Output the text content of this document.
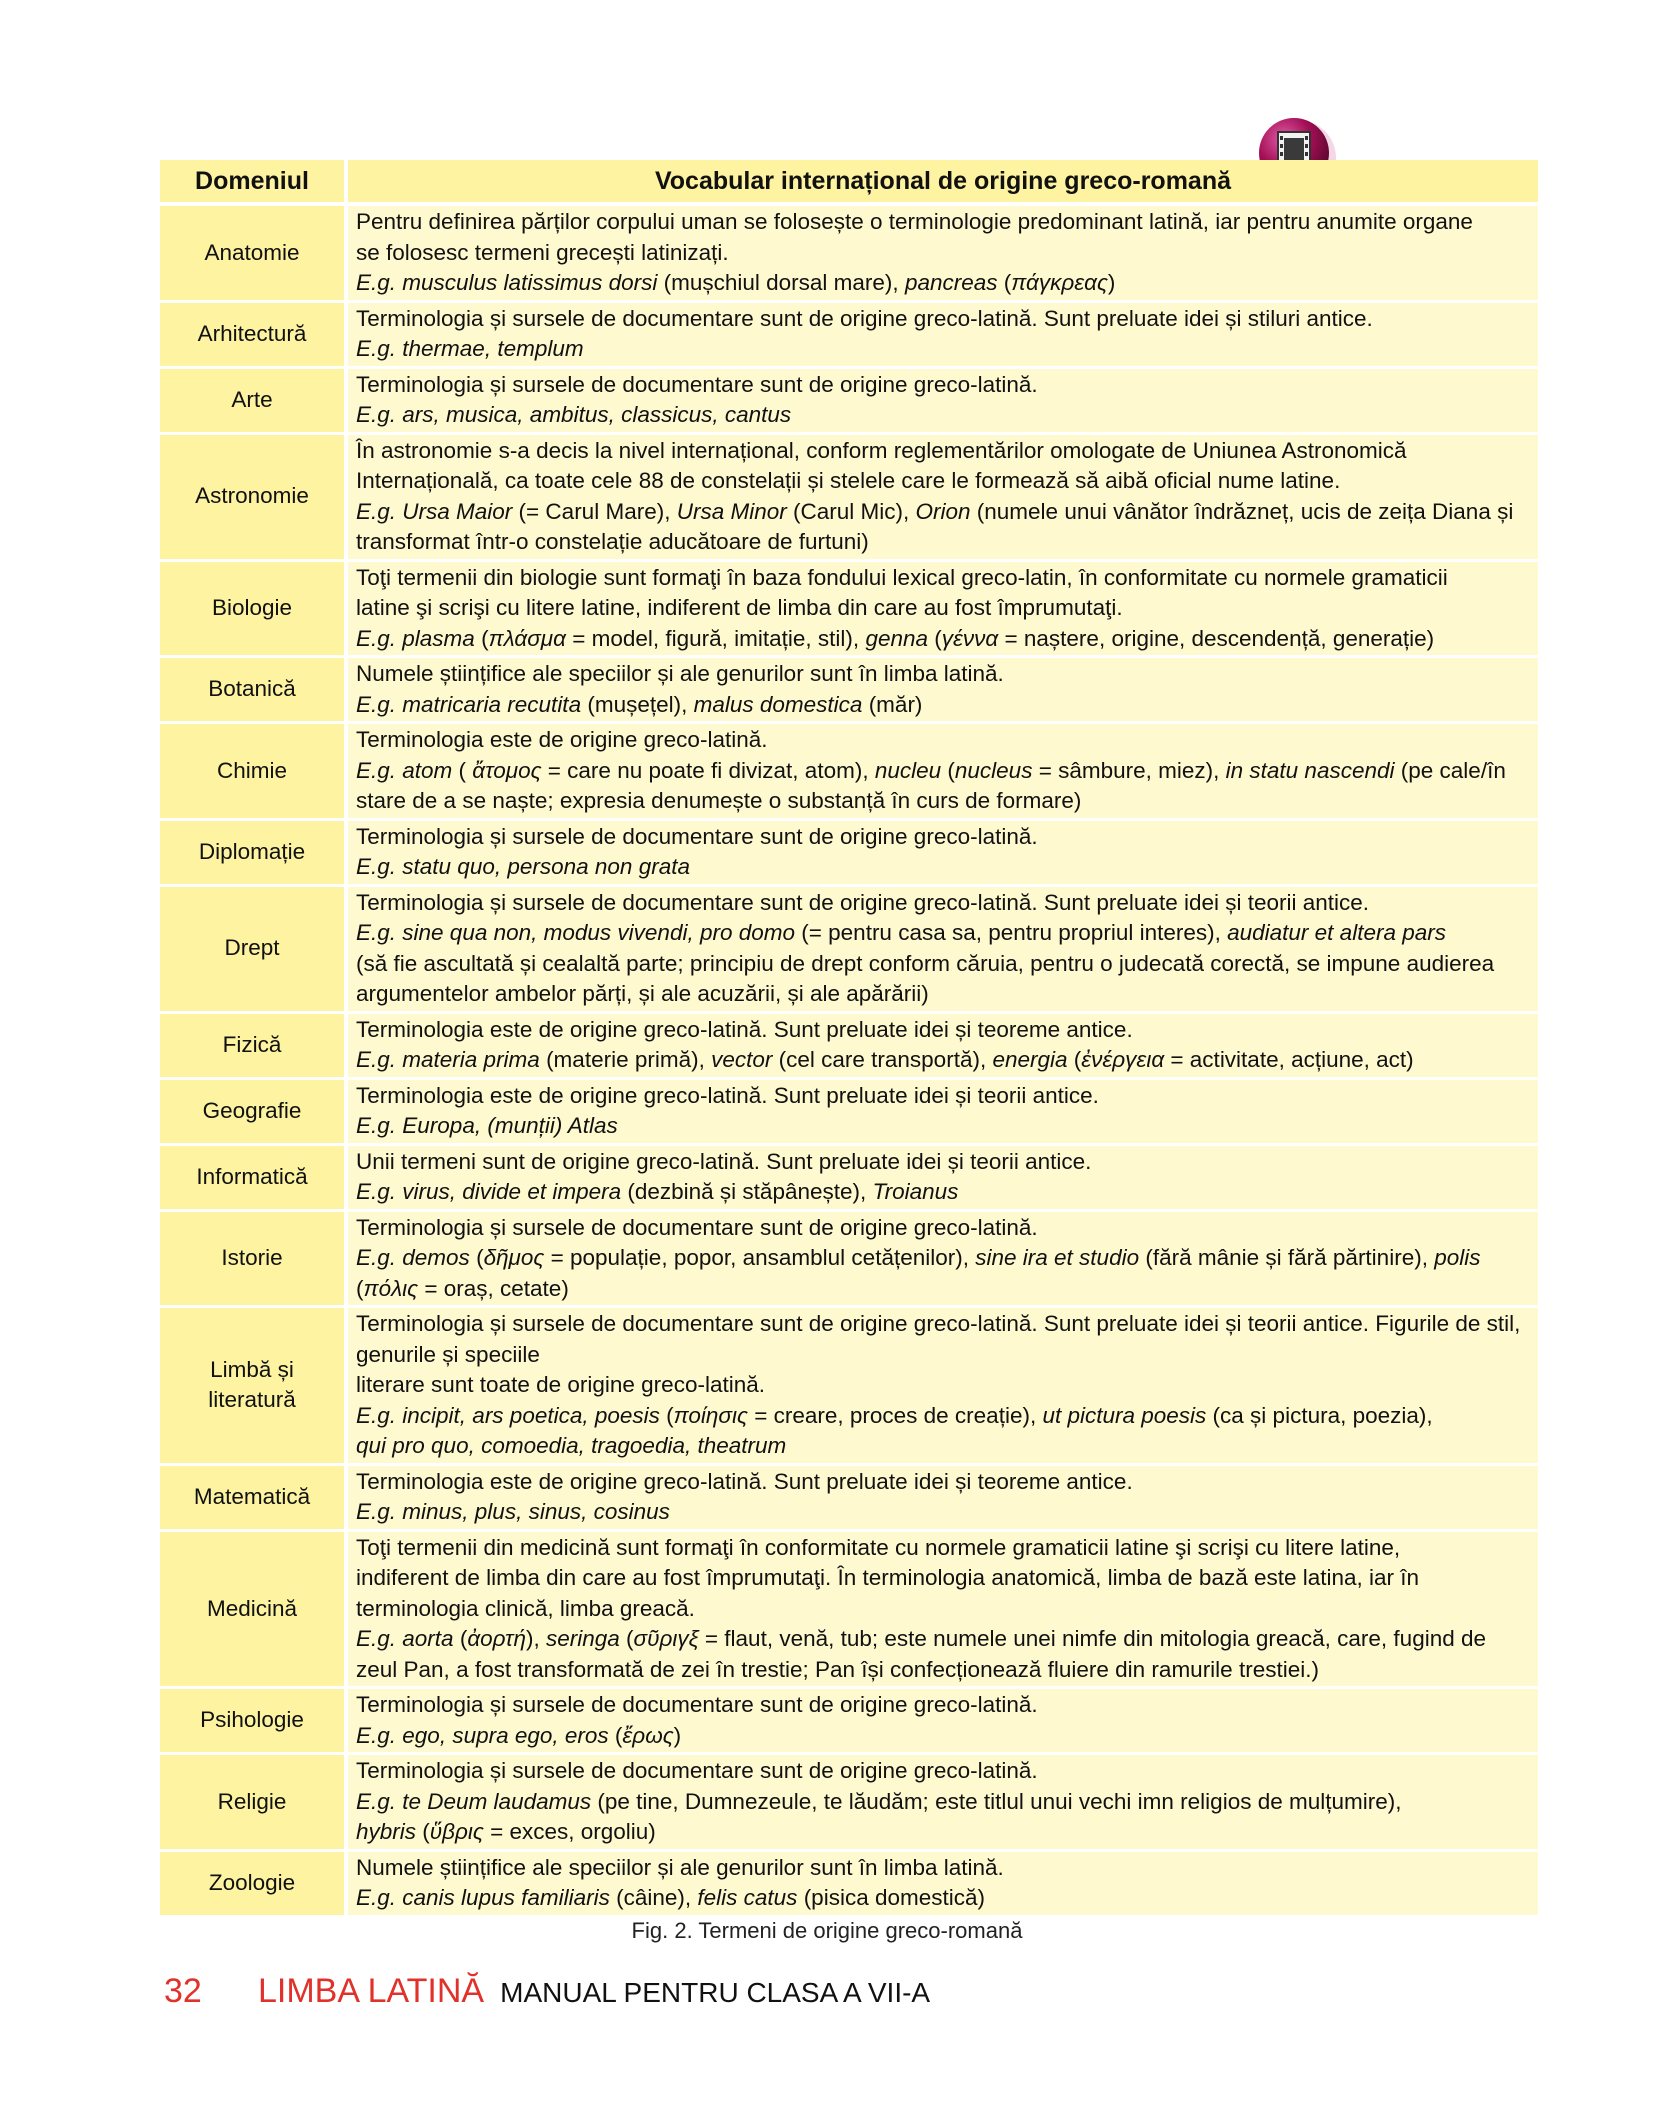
Domeniul	Vocabular internațional de origine greco-romană
Anatomie	Pentru definirea părților corpului uman se folosește o terminologie predominant latină, iar pentru anumite organe
se folosesc termeni grecești latinizați.
E.g. musculus latissimus dorsi (mușchiul dorsal mare), pancreas (πάγκρεας)

Arhitectură	Terminologia și sursele de documentare sunt de origine greco-latină. Sunt preluate idei și stiluri antice.
E.g. thermae, templum

Arte	Terminologia și sursele de documentare sunt de origine greco-latină.
E.g. ars, musica, ambitus, classicus, cantus

Astronomie	În astronomie s-a decis la nivel internațional, conform reglementărilor omologate de Uniunea Astronomică
Internațională, ca toate cele 88 de constelații și stelele care le formează să aibă oficial nume latine.
E.g. Ursa Maior (= Carul Mare), Ursa Minor (Carul Mic), Orion (numele unui vânător îndrăzneț, ucis de zeița Diana și
transformat într-o constelație aducătoare de furtuni)

Biologie	Toţi termenii din biologie sunt formaţi în baza fondului lexical greco-latin, în conformitate cu normele gramaticii
latine şi scrişi cu litere latine, indiferent de limba din care au fost împrumutaţi.
E.g. plasma (πλάσμα = model, figură, imitație, stil), genna (γέννα = naștere, origine, descendență, generație)

Botanică	Numele științifice ale speciilor și ale genurilor sunt în limba latină.
E.g. matricaria recutita (mușețel), malus domestica (măr)

Chimie	Terminologia este de origine greco-latină.
E.g. atom ( ἄτομος = care nu poate fi divizat, atom), nucleu (nucleus = sâmbure, miez), in statu nascendi (pe cale/în
stare de a se naște; expresia denumește o substanță în curs de formare)

Diplomație	Terminologia și sursele de documentare sunt de origine greco-latină.
E.g. statu quo, persona non grata

Drept	Terminologia și sursele de documentare sunt de origine greco-latină. Sunt preluate idei și teorii antice.
E.g. sine qua non, modus vivendi, pro domo (= pentru casa sa, pentru propriul interes), audiatur et altera pars
(să fie ascultată și cealaltă parte; principiu de drept conform căruia, pentru o judecată corectă, se impune audierea
argumentelor ambelor părți, și ale acuzării, și ale apărării)

Fizică	Terminologia este de origine greco-latină. Sunt preluate idei și teoreme antice.
E.g. materia prima (materie primă), vector (cel care transportă), energia (ἐνέργεια = activitate, acțiune, act)

Geografie	Terminologia este de origine greco-latină. Sunt preluate idei și teorii antice.
E.g. Europa, (munții) Atlas

Informatică	Unii termeni sunt de origine greco-latină. Sunt preluate idei și teorii antice.
E.g. virus, divide et impera (dezbină și stăpânește), Troianus

Istorie	Terminologia și sursele de documentare sunt de origine greco-latină.
E.g. demos (δῆμος = populație, popor, ansamblul cetățenilor), sine ira et studio (fără mânie și fără părtinire), polis
(πόλις = oraș, cetate)

Limbă și literatură	Terminologia și sursele de documentare sunt de origine greco-latină. Sunt preluate idei și teorii antice. Figurile de stil, genurile și speciile
literare sunt toate de origine greco-latină.
E.g. incipit, ars poetica, poesis (ποίησις = creare, proces de creație), ut pictura poesis (ca și pictura, poezia),
qui pro quo, comoedia, tragoedia, theatrum

Matematică	Terminologia este de origine greco-latină. Sunt preluate idei și teoreme antice.
E.g. minus, plus, sinus, cosinus

Medicină	Toţi termenii din medicină sunt formaţi în conformitate cu normele gramaticii latine şi scrişi cu litere latine,
indiferent de limba din care au fost împrumutaţi. În terminologia anatomică, limba de bază este latina, iar în
terminologia clinică, limba greacă.
E.g. aorta (ἀορτή), seringa (σῦριγξ = flaut, venă, tub; este numele unei nimfe din mitologia greacă, care, fugind de
zeul Pan, a fost transformată de zei în trestie; Pan își confecționează fluiere din ramurile trestiei.)

Psihologie	Terminologia și sursele de documentare sunt de origine greco-latină.
E.g. ego, supra ego, eros (ἔρως)

Religie	Terminologia și sursele de documentare sunt de origine greco-latină.
E.g. te Deum laudamus (pe tine, Dumnezeule, te lăudăm; este titlul unui vechi imn religios de mulțumire),
hybris (ὕβρις = exces, orgoliu)

Zoologie	Numele științifice ale speciilor și ale genurilor sunt în limba latină.
E.g. canis lupus familiaris (câine), felis catus (pisica domestică)
Fig. 2. Termeni de origine greco-romană
32	LIMBA LATINĂ MANUAL PENTRU CLASA A VII-A
